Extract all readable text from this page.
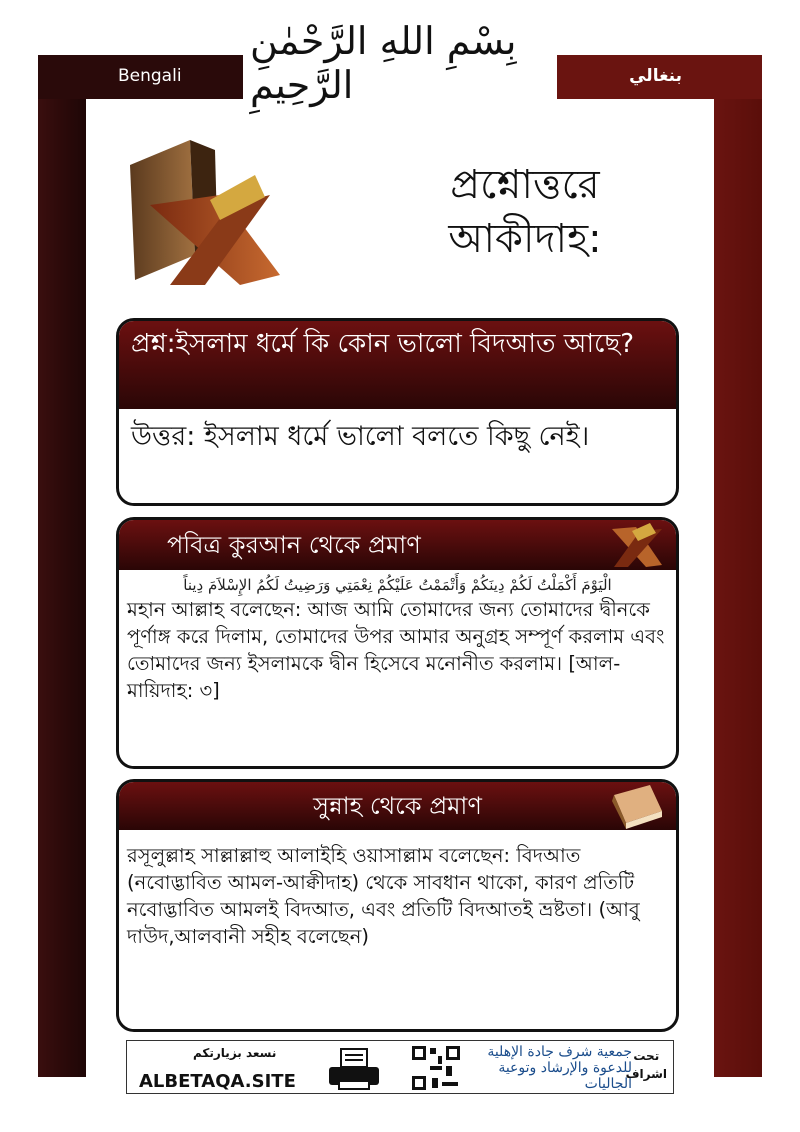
Bengali	بنغالي
بِسْمِ اللهِ الرَّحْمٰنِ الرَّحِيمِ
প্রশ্নোত্তরে আকীদাহ:
প্রশ্ন:ইসলাম ধর্মে কি কোন ভালো বিদআত আছে?
উত্তর: ইসলাম ধর্মে ভালো বলতে কিছু নেই।
পবিত্র কুরআন থেকে প্রমাণ
الْيَوْمَ أَكْمَلْتُ لَكُمْ دِينَكُمْ وَأَتْمَمْتُ عَلَيْكُمْ نِعْمَتِي وَرَضِيتُ لَكُمُ الإِسْلاَمَ دِيناً
মহান আল্লাহ বলেছেন: আজ আমি তোমাদের জন্য তোমাদের দ্বীনকে পূর্ণাঙ্গ করে দিলাম, তোমাদের উপর আমার অনুগ্রহ সম্পূর্ণ করলাম এবং তোমাদের জন্য ইসলামকে দ্বীন হিসেবে মনোনীত করলাম। [আল-মায়িদাহ: ৩]
সুন্নাহ থেকে প্রমাণ
রসূলুল্লাহ সাল্লাল্লাহু আলাইহি ওয়াসাল্লাম বলেছেন: বিদআত (নবোদ্ভাবিত আমল-আক্বীদাহ) থেকে সাবধান থাকো, কারণ প্রতিটি নবোদ্ভাবিত আমলই বিদআত, এবং প্রতিটি বিদআতই ভ্রষ্টতা। (আবু দাউদ,আলবানী সহীহ বলেছেন)
نسعد بزيارتكم
ALBETAQA.SITE
جمعية شرف جادة الإهلية للدعوة والإرشاد وتوعية الجاليات
تحت
اشراف
